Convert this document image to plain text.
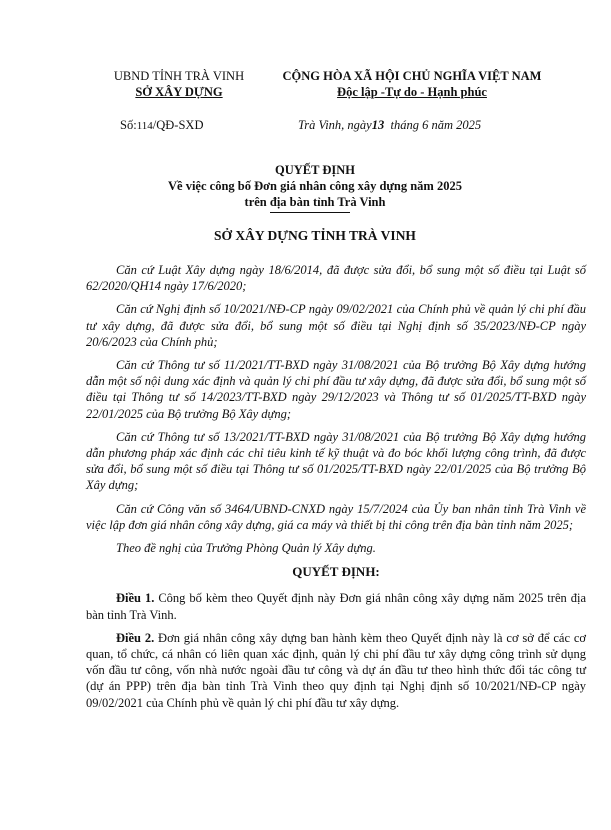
UBND TỈNH TRÀ VINH
SỞ XÂY DỰNG
CỘNG HÒA XÃ HỘI CHỦ NGHĨA VIỆT NAM
Độc lập -Tự do - Hạnh phúc
Số:114/QĐ-SXD	Trà Vinh, ngày13 tháng 6 năm 2025
QUYẾT ĐỊNH
Về việc công bố Đơn giá nhân công xây dựng năm 2025
trên địa bàn tỉnh Trà Vinh
SỞ XÂY DỰNG TỈNH TRÀ VINH

Căn cứ Luật Xây dựng ngày 18/6/2014, đã được sửa đổi, bổ sung một số điều tại Luật số 62/2020/QH14 ngày 17/6/2020;

Căn cứ Nghị định số 10/2021/NĐ-CP ngày 09/02/2021 của Chính phủ về quản lý chi phí đầu tư xây dựng, đã được sửa đổi, bổ sung một số điều tại Nghị định số 35/2023/NĐ-CP ngày 20/6/2023 của Chính phủ;

Căn cứ Thông tư số 11/2021/TT-BXD ngày 31/08/2021 của Bộ trưởng Bộ Xây dựng hướng dẫn một số nội dung xác định và quản lý chi phí đầu tư xây dựng, đã được sửa đổi, bổ sung một số điều tại Thông tư số 14/2023/TT-BXD ngày 29/12/2023 và Thông tư số 01/2025/TT-BXD ngày 22/01/2025 của Bộ trưởng Bộ Xây dựng;

Căn cứ Thông tư số 13/2021/TT-BXD ngày 31/08/2021 của Bộ trưởng Bộ Xây dựng hướng dẫn phương pháp xác định các chỉ tiêu kinh tế kỹ thuật và đo bóc khối lượng công trình, đã được sửa đổi, bổ sung một số điều tại Thông tư số 01/2025/TT-BXD ngày 22/01/2025 của Bộ trưởng Bộ Xây dựng;

Căn cứ Công văn số 3464/UBND-CNXD ngày 15/7/2024 của Ủy ban nhân tỉnh Trà Vinh về việc lập đơn giá nhân công xây dựng, giá ca máy và thiết bị thi công trên địa bàn tỉnh năm 2025;

Theo đề nghị của Trưởng Phòng Quản lý Xây dựng.

QUYẾT ĐỊNH:

Điều 1. Công bố kèm theo Quyết định này Đơn giá nhân công xây dựng năm 2025 trên địa bàn tỉnh Trà Vinh.

Điều 2. Đơn giá nhân công xây dựng ban hành kèm theo Quyết định này là cơ sở để các cơ quan, tổ chức, cá nhân có liên quan xác định, quản lý chi phí đầu tư xây dựng công trình sử dụng vốn đầu tư công, vốn nhà nước ngoài đầu tư công và dự án đầu tư theo hình thức đối tác công tư (dự án PPP) trên địa bàn tỉnh Trà Vinh theo quy định tại Nghị định số 10/2021/NĐ-CP ngày 09/02/2021 của Chính phủ về quản lý chi phí đầu tư xây dựng.
